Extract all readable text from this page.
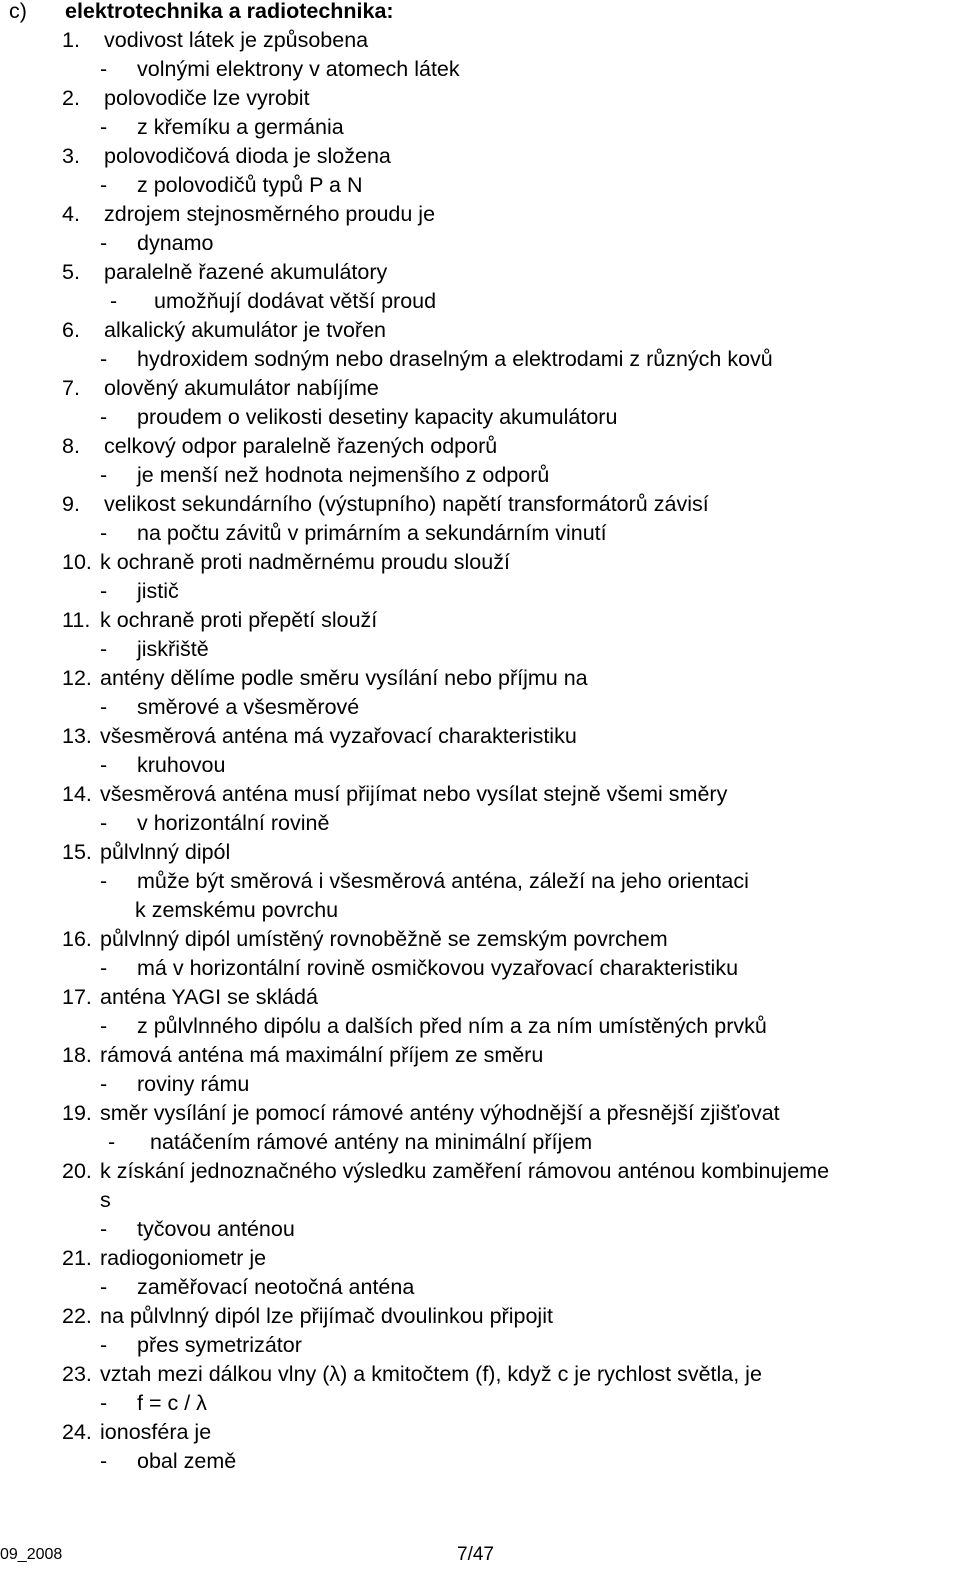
c) elektrotechnika a radiotechnika:
1. vodivost látek je způsobena
- volnými elektrony v atomech látek
2. polovodiče lze vyrobit
- z křemíku a germánia
3. polovodičová dioda je složena
- z polovodičů typů P a N
4. zdrojem stejnosměrného proudu je
- dynamo
5. paralelně řazené akumulátory
- umožňují dodávat větší proud
6. alkalický akumulátor je tvořen
- hydroxidem sodným nebo draselným a elektrodami z různých kovů
7. olověný akumulátor nabíjíme
- proudem o velikosti desetiny kapacity akumulátoru
8. celkový odpor paralelně řazených odporů
- je menší než hodnota nejmenšího z odporů
9. velikost sekundárního (výstupního) napětí transformátorů závisí
- na počtu závitů v primárním a sekundárním vinutí
10. k ochraně proti nadměrnému proudu slouží
- jistič
11. k ochraně proti přepětí slouží
- jiskřiště
12. antény dělíme podle směru vysílání nebo příjmu na
- směrové a všesměrové
13. všesměrová anténa má vyzařovací charakteristiku
- kruhovou
14. všesměrová anténa musí přijímat nebo vysílat stejně všemi směry
- v horizontální rovině
15. půlvlnný dipól
- může být směrová i všesměrová anténa, záleží na jeho orientaci
k zemskému povrchu
16. půlvlnný dipól umístěný rovnoběžně se zemským povrchem
- má v horizontální rovině osmičkovou vyzařovací charakteristiku
17. anténa YAGI se skládá
- z půlvlnného dipólu a dalších před ním a za ním umístěných prvků
18. rámová anténa má maximální příjem ze směru
- roviny rámu
19. směr vysílání je pomocí rámové antény výhodnější a přesnější zjišťovat
- natáčením rámové antény na minimální příjem
20. k získání jednoznačného výsledku zaměření rámovou anténou kombinujeme
s
- tyčovou anténou
21. radiogoniometr je
- zaměřovací neotočná anténa
22. na půlvlnný dipól lze přijímač dvoulinkou připojit
- přes symetrizátor
23. vztah mezi dálkou vlny (λ) a kmitočtem (f), když c je rychlost světla, je
- f = c / λ
24. ionosféra je
- obal země
09_2008	7/47
